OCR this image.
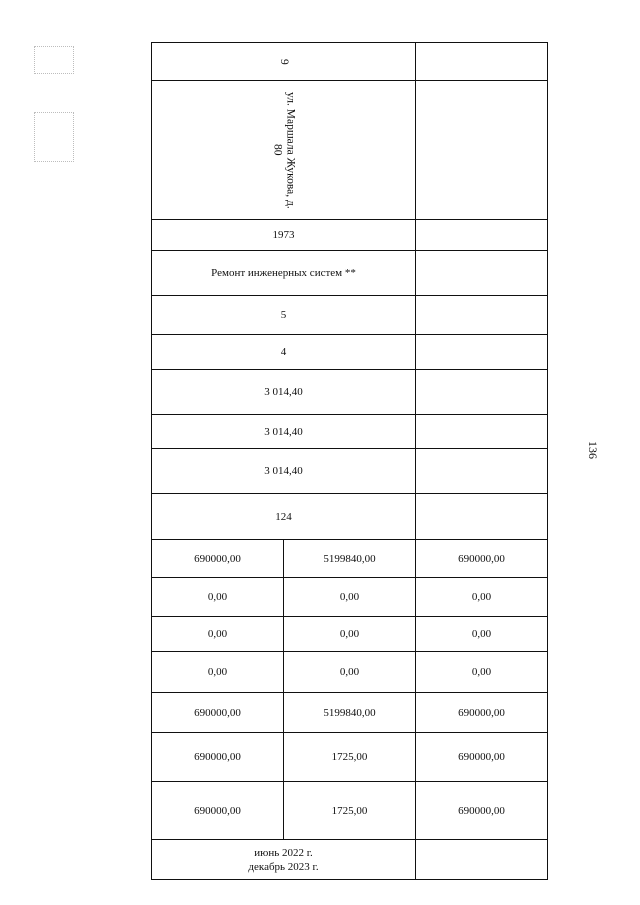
136
9		

ул. Маршала Жукова, д. 80		

1973		
Ремонт инженерных систем **		
5		
4		
3 014,40		
3 014,40		
3 014,40		
124		
690000,00	5199840,00	690000,00
0,00	0,00	0,00
0,00	0,00	0,00
0,00	0,00	0,00
690000,00	5199840,00	690000,00
690000,00	1725,00	690000,00
690000,00	1725,00	690000,00

июнь 2022 г.
декабрь 2023 г.		
